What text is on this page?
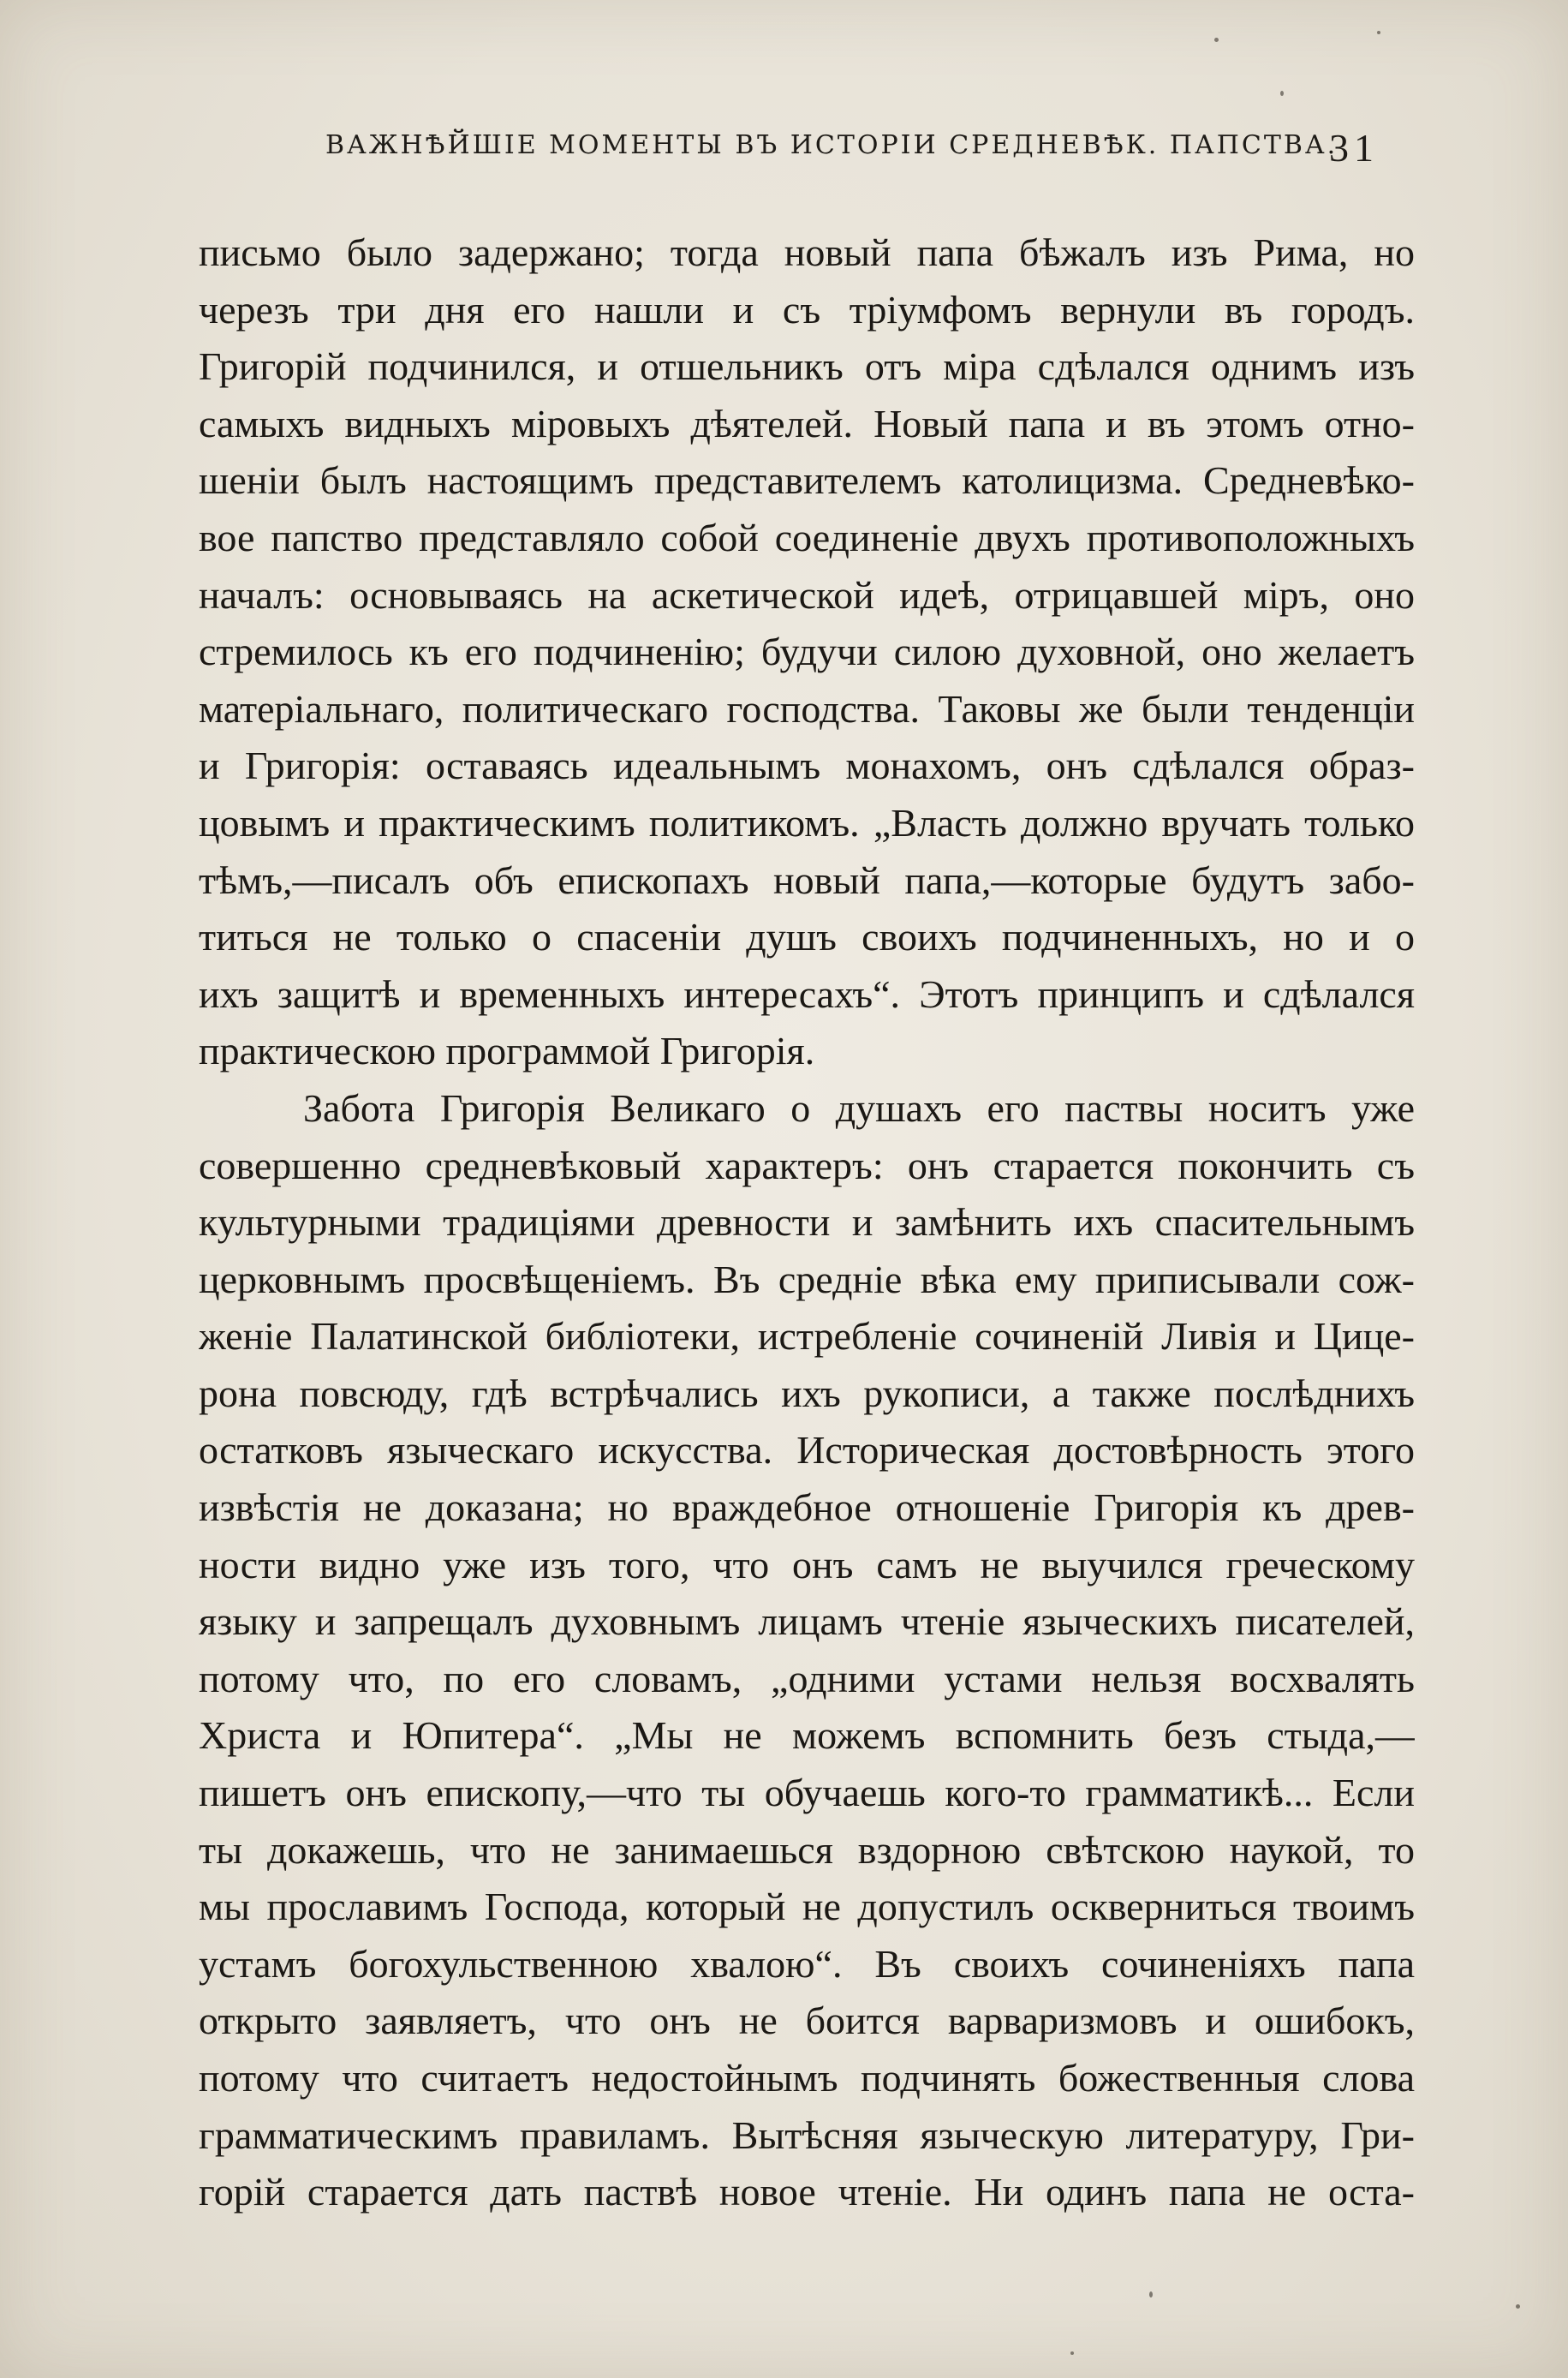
ВАЖНѢЙШІЕ МОМЕНТЫ ВЪ ИСТОРІИ СРЕДНЕВѢК. ПАПСТВА.
31
письмо было задержано; тогда новый папа бѣжалъ изъ Рима, но
черезъ три дня его нашли и съ тріумфомъ вернули въ городъ.
Григорій подчинился, и отшельникъ отъ міра сдѣлался однимъ изъ
самыхъ видныхъ міровыхъ дѣятелей. Новый папа и въ этомъ отно-
шеніи былъ настоящимъ представителемъ католицизма. Средневѣко-
вое папство представляло собой соединеніе двухъ противоположныхъ
началъ: основываясь на аскетической идеѣ, отрицавшей міръ, оно
стремилось къ его подчиненію; будучи силою духовной, оно желаетъ
матеріальнаго, политическаго господства. Таковы же были тенденціи
и Григорія: оставаясь идеальнымъ монахомъ, онъ сдѣлался образ-
цовымъ и практическимъ политикомъ. „Власть должно вручать только
тѣмъ,—писалъ объ епископахъ новый папа,—которые будутъ забо-
титься не только о спасеніи душъ своихъ подчиненныхъ, но и о
ихъ защитѣ и временныхъ интересахъ“. Этотъ принципъ и сдѣлался
практическою программой Григорія.
Забота Григорія Великаго о душахъ его паствы носитъ уже
совершенно средневѣковый характеръ: онъ старается покончить съ
культурными традиціями древности и замѣнить ихъ спасительнымъ
церковнымъ просвѣщеніемъ. Въ средніе вѣка ему приписывали сож-
женіе Палатинской библіотеки, истребленіе сочиненій Ливія и Цице-
рона повсюду, гдѣ встрѣчались ихъ рукописи, а также послѣднихъ
остатковъ языческаго искусства. Историческая достовѣрность этого
извѣстія не доказана; но враждебное отношеніе Григорія къ древ-
ности видно уже изъ того, что онъ самъ не выучился греческому
языку и запрещалъ духовнымъ лицамъ чтеніе языческихъ писателей,
потому что, по его словамъ, „одними устами нельзя восхвалять
Христа и Юпитера“. „Мы не можемъ вспомнить безъ стыда,—
пишетъ онъ епископу,—что ты обучаешь кого-то грамматикѣ... Если
ты докажешь, что не занимаешься вздорною свѣтскою наукой, то
мы прославимъ Господа, который не допустилъ оскверниться твоимъ
устамъ богохульственною хвалою“. Въ своихъ сочиненіяхъ папа
открыто заявляетъ, что онъ не боится варваризмовъ и ошибокъ,
потому что считаетъ недостойнымъ подчинять божественныя слова
грамматическимъ правиламъ. Вытѣсняя языческую литературу, Гри-
горій старается дать паствѣ новое чтеніе. Ни одинъ папа не оста-
